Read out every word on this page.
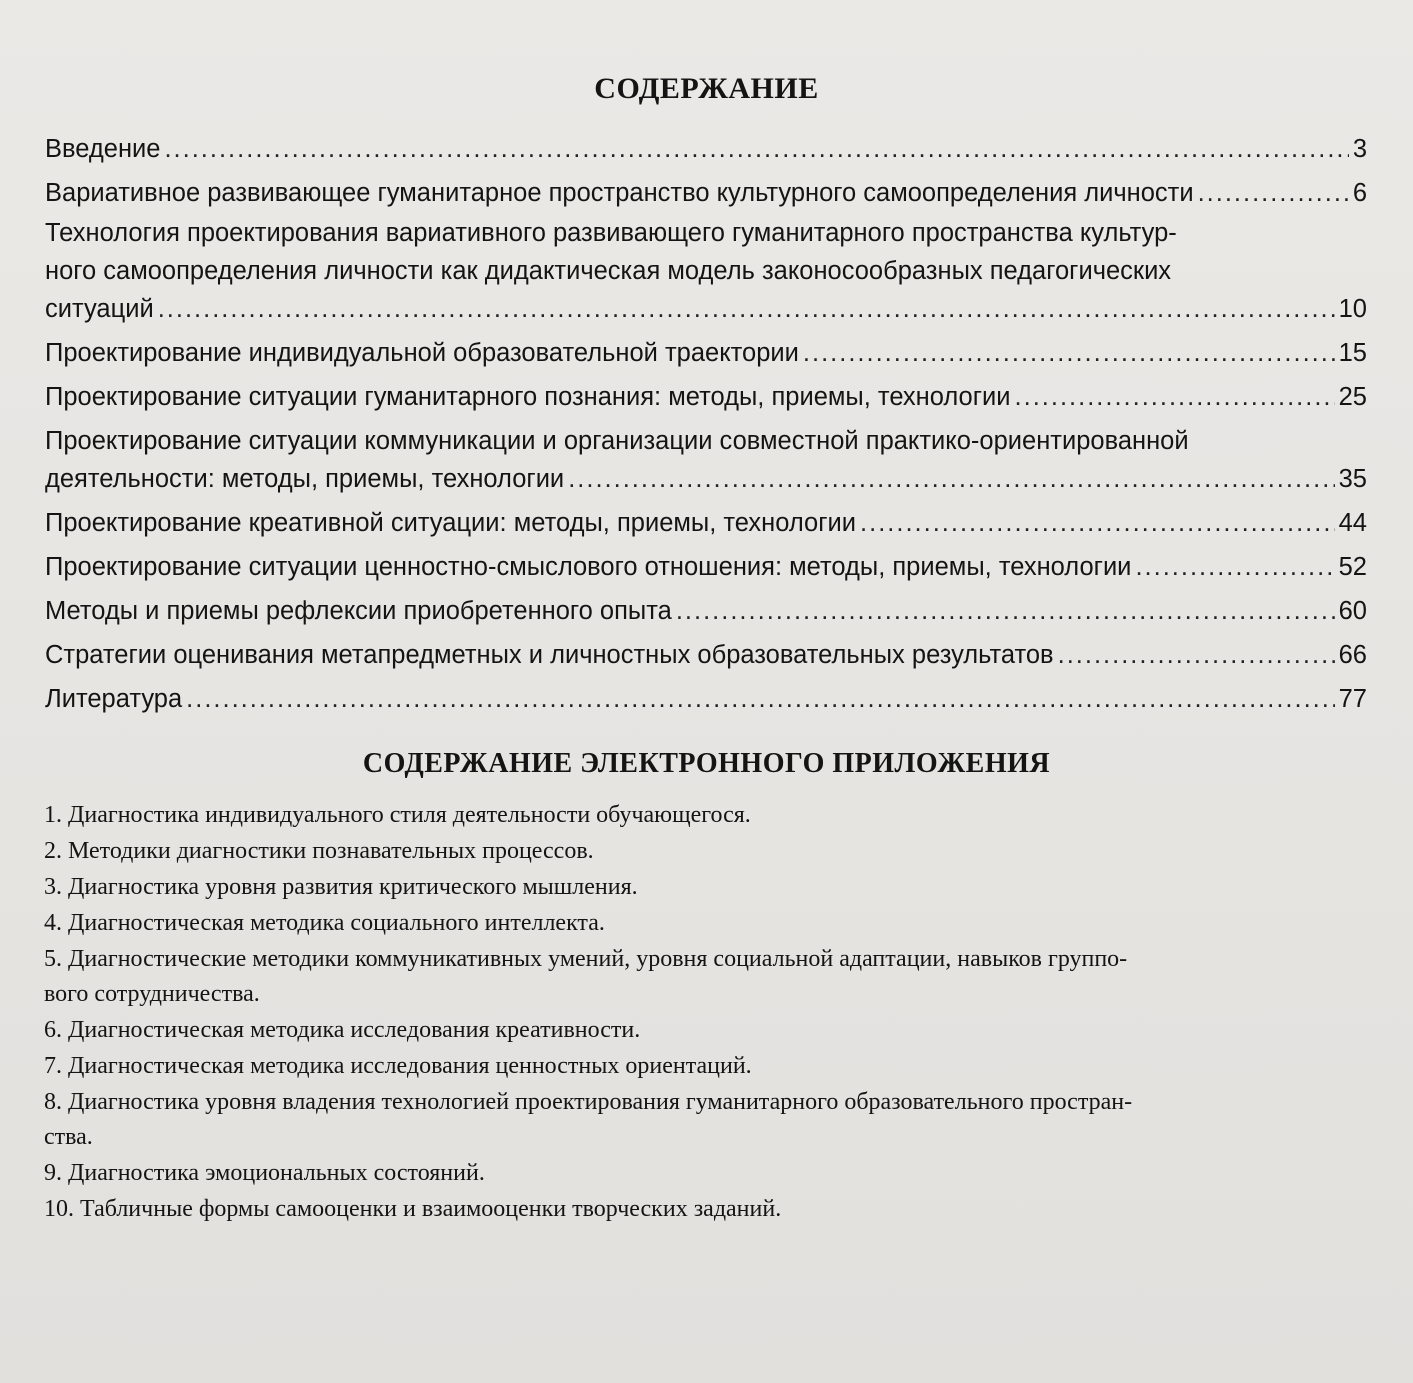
СОДЕРЖАНИЕ
Введение .....	3
Вариативное развивающее гуманитарное пространство культурного самоопределения личности .....	6
Технология проектирования вариативного развивающего гуманитарного пространства культур-
ного самоопределения личности как дидактическая модель законосообразных педагогических
ситуаций .....	10
Проектирование индивидуальной образовательной траектории .....	15
Проектирование ситуации гуманитарного познания: методы, приемы, технологии .....	25
Проектирование ситуации коммуникации и организации совместной практико-ориентированной
деятельности: методы, приемы, технологии .....	35
Проектирование креативной ситуации: методы, приемы, технологии .....	44
Проектирование ситуации ценностно-смыслового отношения: методы, приемы, технологии .....	52
Методы и приемы рефлексии приобретенного опыта .....	60
Стратегии оценивания метапредметных и личностных образовательных результатов .....	66
Литература .....	77
СОДЕРЖАНИЕ ЭЛЕКТРОННОГО ПРИЛОЖЕНИЯ
1. Диагностика индивидуального стиля деятельности обучающегося.
2. Методики диагностики познавательных процессов.
3. Диагностика уровня развития критического мышления.
4. Диагностическая методика социального интеллекта.
5. Диагностические методики коммуникативных умений, уровня социальной адаптации, навыков группо-
вого сотрудничества.
6. Диагностическая методика исследования креативности.
7. Диагностическая методика исследования ценностных ориентаций.
8. Диагностика уровня владения технологией проектирования гуманитарного образовательного простран-
ства.
9. Диагностика эмоциональных состояний.
10. Табличные формы самооценки и взаимооценки творческих заданий.
